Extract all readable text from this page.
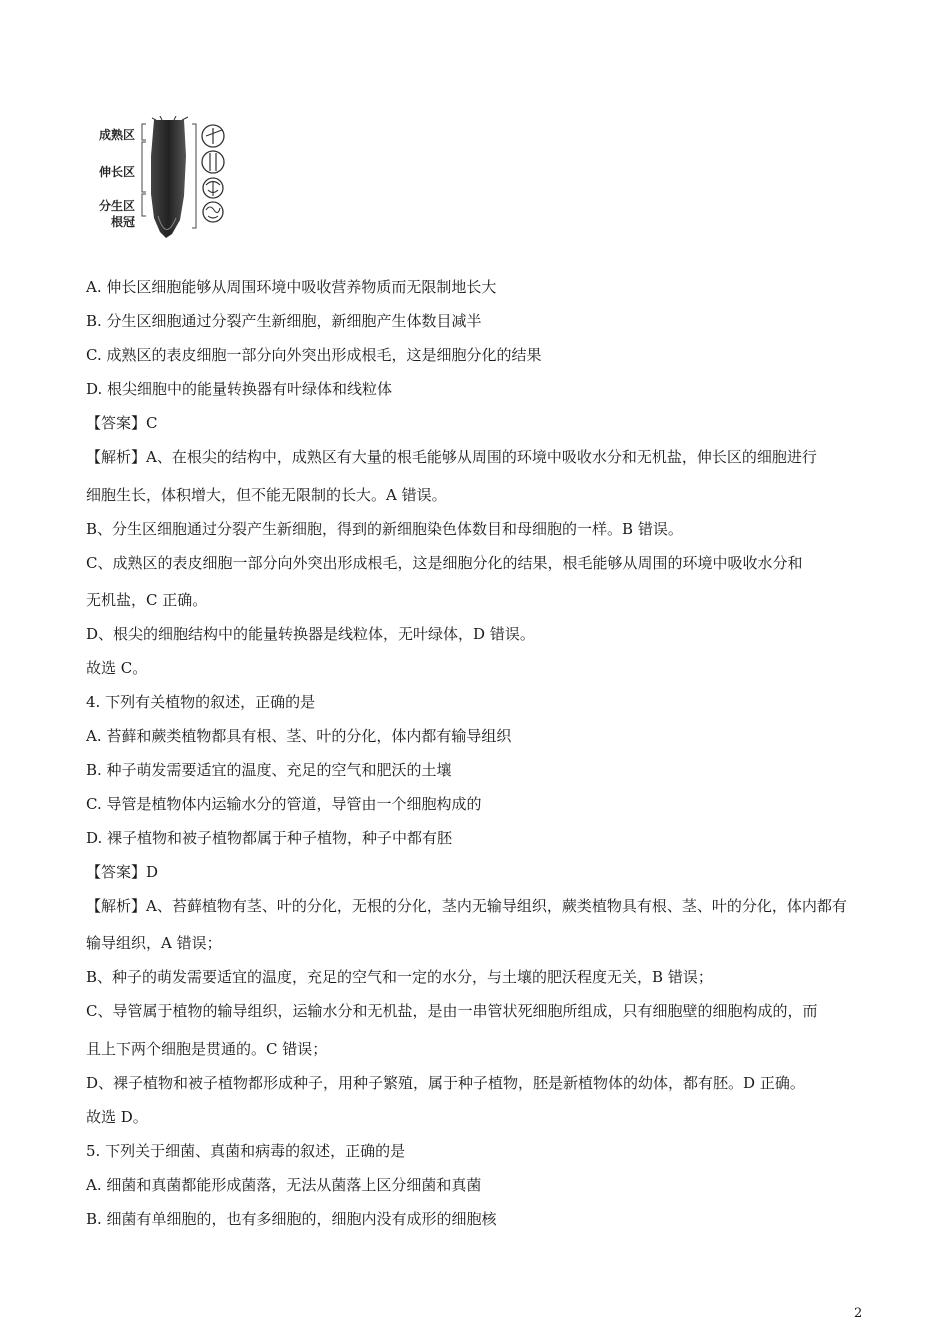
成熟区
伸长区
分生区
根冠
A. 伸长区细胞能够从周围环境中吸收营养物质而无限制地长大
B. 分生区细胞通过分裂产生新细胞，新细胞产生体数目减半
C. 成熟区的表皮细胞一部分向外突出形成根毛，这是细胞分化的结果
D. 根尖细胞中的能量转换器有叶绿体和线粒体
【答案】C
【解析】A、在根尖的结构中，成熟区有大量的根毛能够从周围的环境中吸收水分和无机盐，伸长区的细胞进行
细胞生长，体积增大，但不能无限制的长大。A 错误。
B、分生区细胞通过分裂产生新细胞，得到的新细胞染色体数目和母细胞的一样。B 错误。
C、成熟区的表皮细胞一部分向外突出形成根毛，这是细胞分化的结果，根毛能够从周围的环境中吸收水分和
无机盐，C 正确。
D、根尖的细胞结构中的能量转换器是线粒体，无叶绿体，D 错误。
故选 C。
4. 下列有关植物的叙述，正确的是
A. 苔藓和蕨类植物都具有根、茎、叶的分化，体内都有输导组织
B. 种子萌发需要适宜的温度、充足的空气和肥沃的土壤
C. 导管是植物体内运输水分的管道，导管由一个细胞构成的
D. 裸子植物和被子植物都属于种子植物，种子中都有胚
【答案】D
【解析】A、苔藓植物有茎、叶的分化，无根的分化，茎内无输导组织，蕨类植物具有根、茎、叶的分化，体内都有
输导组织，A 错误；
B、种子的萌发需要适宜的温度，充足的空气和一定的水分，与土壤的肥沃程度无关，B 错误；
C、导管属于植物的输导组织，运输水分和无机盐，是由一串管状死细胞所组成，只有细胞壁的细胞构成的，而
且上下两个细胞是贯通的。C 错误；
D、裸子植物和被子植物都形成种子，用种子繁殖，属于种子植物，胚是新植物体的幼体，都有胚。D 正确。
故选 D。
5. 下列关于细菌、真菌和病毒的叙述，正确的是
A. 细菌和真菌都能形成菌落，无法从菌落上区分细菌和真菌
B. 细菌有单细胞的，也有多细胞的，细胞内没有成形的细胞核
2
